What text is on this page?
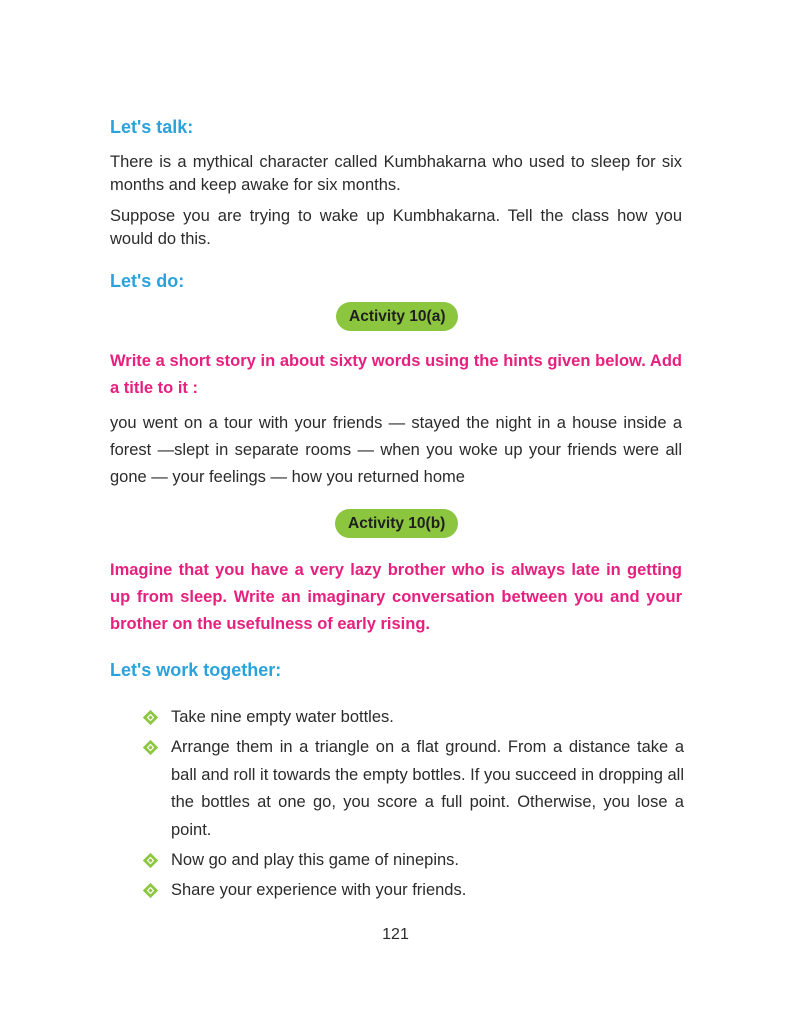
Let's talk:

There is a mythical character called Kumbhakarna who used to sleep for six months and keep awake for six months.

Suppose you are trying to wake up Kumbhakarna. Tell the class how you would do this.

Let's do:
Activity 10(a)

Write a short story in about sixty words using the hints given below. Add a title to it :

you went on a tour with your friends — stayed the night in a house inside a forest —slept in separate rooms — when you woke up your friends were all gone — your feelings — how you returned home

Activity 10(b)

Imagine that you have a very lazy brother who is always late in getting up from sleep. Write an imaginary conversation between you and your brother on the usefulness of early rising.

Let's work together:
Take nine empty water bottles.
Arrange them in a triangle on a flat ground. From a distance take a ball and roll it towards the empty bottles. If you succeed in dropping all the bottles at one go, you score a full point. Otherwise, you lose a point.
Now go and play this game of ninepins.
Share your experience with your friends.
121
